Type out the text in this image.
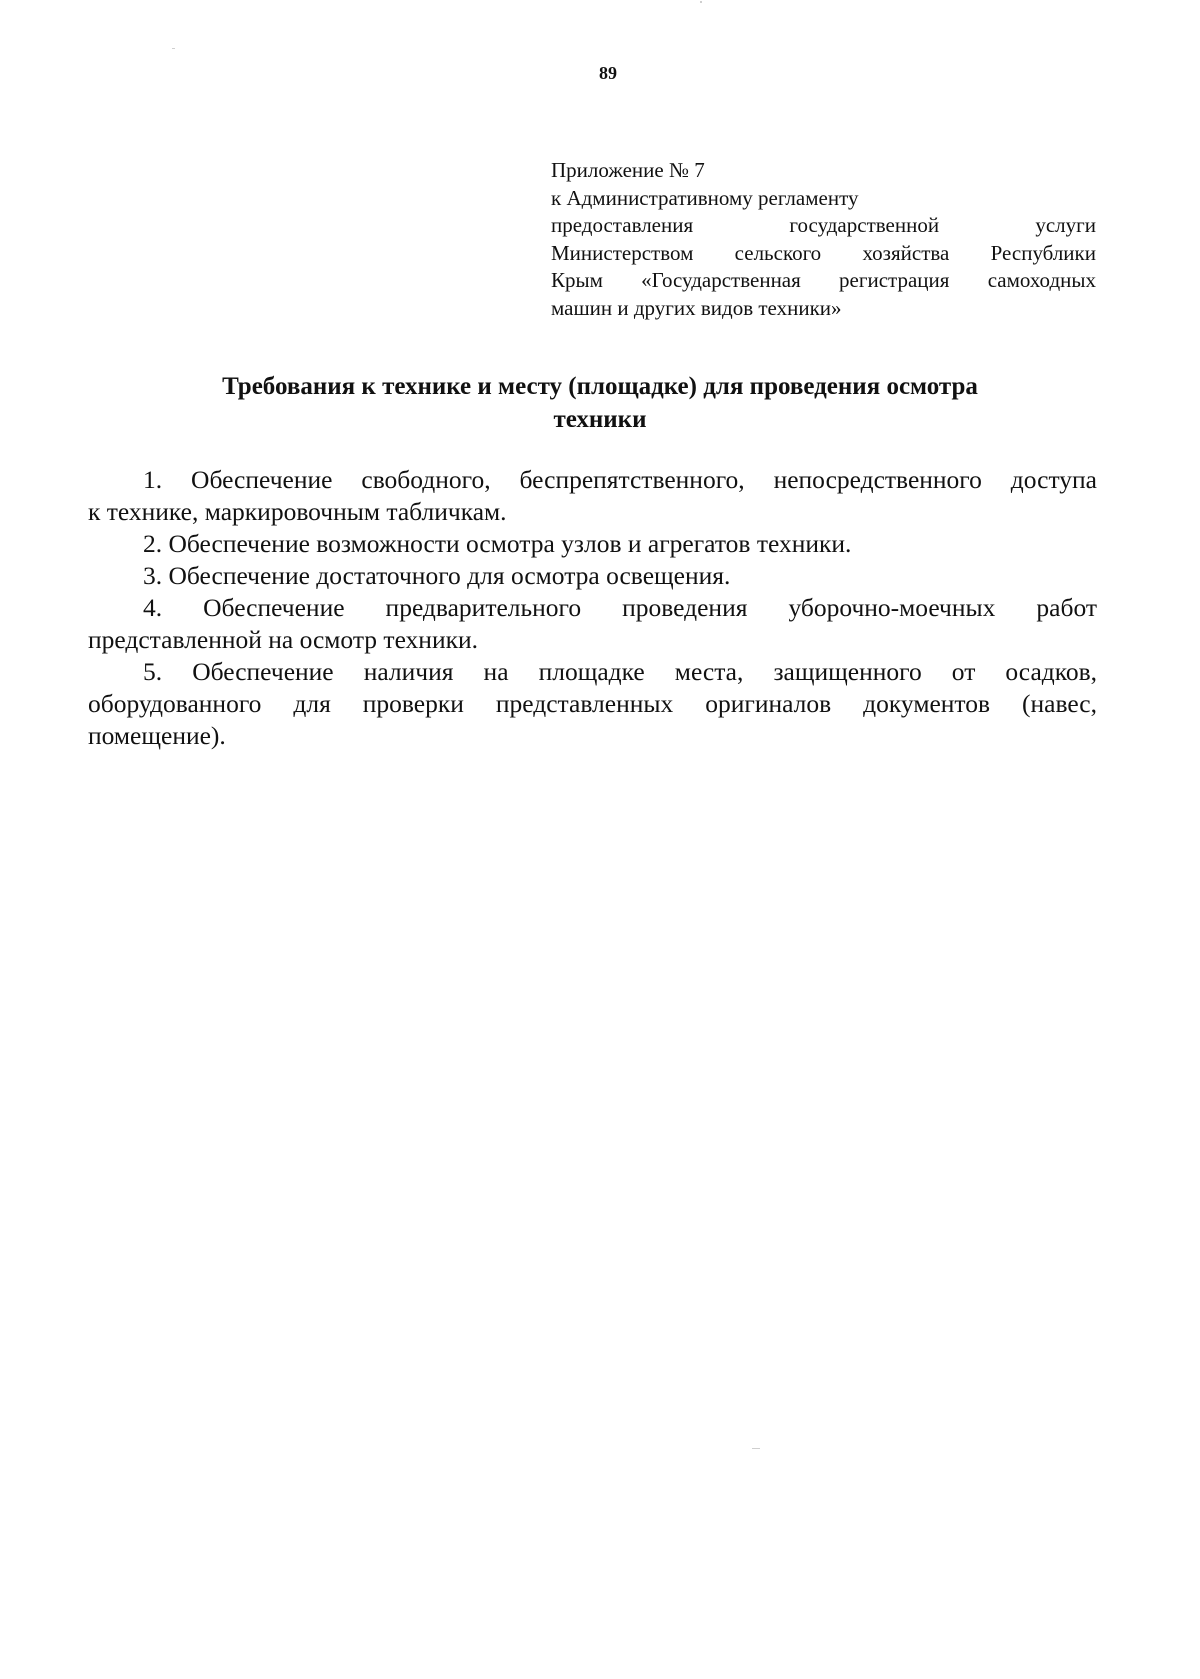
89
Приложение № 7
к Административному регламенту
предоставления государственной услуги
Министерством сельского хозяйства Республики
Крым «Государственная регистрация самоходных
машин и других видов техники»
Требования к технике и месту (площадке) для проведения осмотра
техники
1. Обеспечение свободного, беспрепятственного, непосредственного доступа
к технике, маркировочным табличкам.
2. Обеспечение возможности осмотра узлов и агрегатов техники.
3. Обеспечение достаточного для осмотра освещения.
4. Обеспечение предварительного проведения уборочно-моечных работ
представленной на осмотр техники.
5. Обеспечение наличия на площадке места, защищенного от осадков,
оборудованного для проверки представленных оригиналов документов (навес,
помещение).
